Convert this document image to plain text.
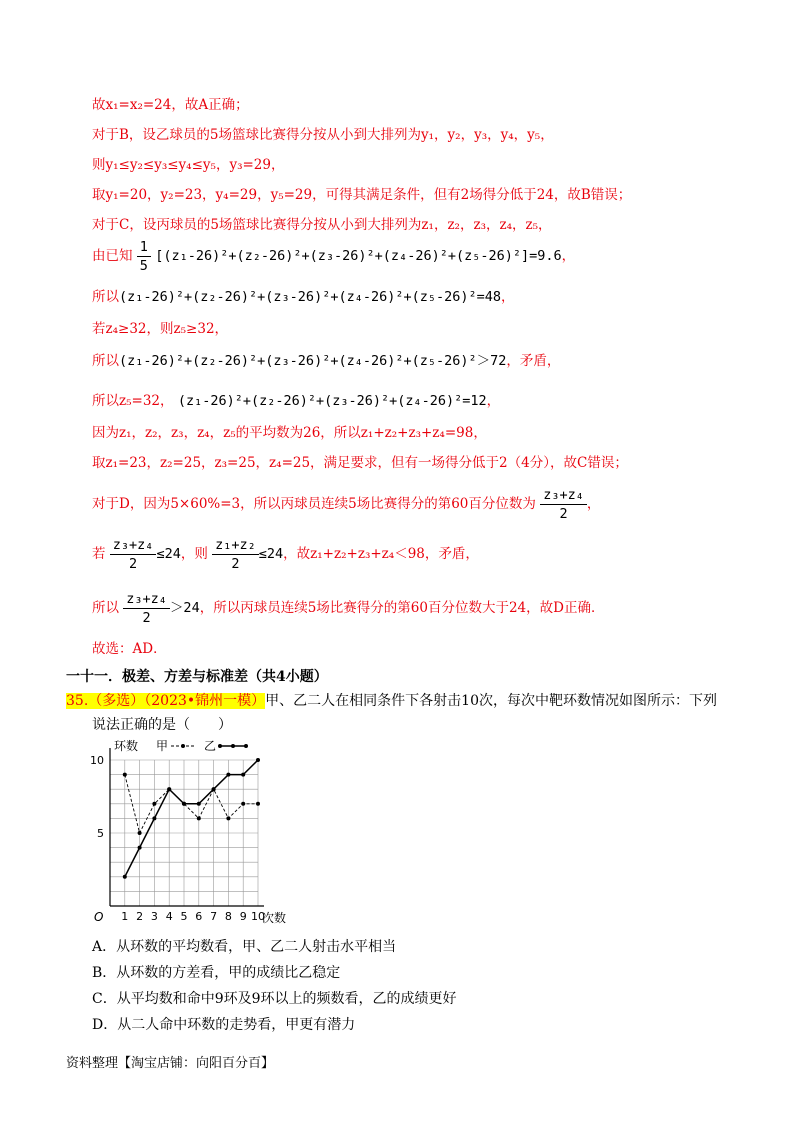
故x₁=x₂=24，故A正确；
对于B，设乙球员的5场篮球比赛得分按从小到大排列为y₁，y₂，y₃，y₄，y₅，
则y₁≤y₂≤y₃≤y₄≤y₅，y₃=29，
取y₁=20，y₂=23，y₄=29，y₅=29，可得其满足条件，但有2场得分低于24，故B错误；
对于C，设丙球员的5场篮球比赛得分按从小到大排列为z₁，z₂，z₃，z₄，z₅，
由已知 $\frac{1}{5} [(z_1-26)^2+(z_2-26)^2+(z_3-26)^2+(z_4-26)^2+(z_5-26)^2]=9.6$，
所以(z₁-26)²+(z₂-26)²+(z₃-26)²+(z₄-26)²+(z₅-26)²=48，
若z₄≥32，则z₅≥32，
所以(z₁-26)²+(z₂-26)²+(z₃-26)²+(z₄-26)²+(z₅-26)²＞72，矛盾，
所以z₅=32， (z₁-26)²+(z₂-26)²+(z₃-26)²+(z₄-26)²=12，
因为z₁，z₂，z₃，z₄，z₅的平均数为26，所以z₁+z₂+z₃+z₄=98，
取z₁=23，z₂=25，z₃=25，z₄=25，满足要求，但有一场得分低于2（4分），故C错误；
对于D，因为5×60%=3，所以丙球员连续5场比赛得分的第60百分位数为 $\frac{\text{z₃+z₄}}{2}$ ，
若 $\frac{\text{z₃+z₄}}{2} \le 24$，则 $\frac{\text{z₁+z₂}}{2} \le 24$，故z₁+z₂+z₃+z₄＜98，矛盾，
所以 $\frac{\text{z₃+z₄}}{2} >24$，所以丙球员连续5场比赛得分的第60百分位数大于24，故D正确．
故选：AD．
一十一．极差、方差与标准差（共4小题）
35.（多选）（2023•锦州一模）甲、乙二人在相同条件下各射击10次，每次中靶环数情况如图所示：下列
说法正确的是（　　）
1 2 3 4 5 6 7 8 9 10
5
10
O	次数
环数 甲	乙
A．从环数的平均数看，甲、乙二人射击水平相当
B．从环数的方差看，甲的成绩比乙稳定
C．从平均数和命中9环及9环以上的频数看，乙的成绩更好
D．从二人命中环数的走势看，甲更有潜力
资料整理【淘宝店铺：向阳百分百】
